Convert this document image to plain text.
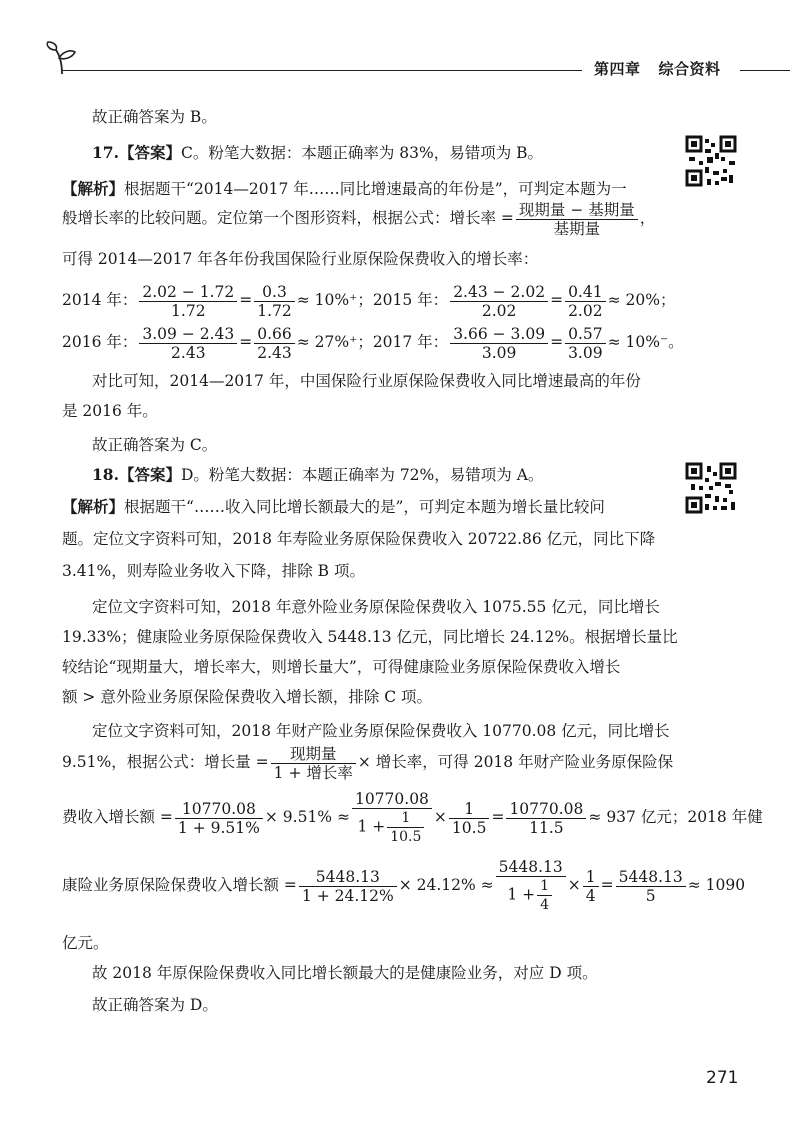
第四章 综合资料
故正确答案为 B。
17.【答案】C。粉笔大数据：本题正确率为 83%，易错项为 B。
【解析】根据题干“2014—2017 年……同比增速最高的年份是”，可判定本题为一
般增长率的比较问题。定位第一个图形资料，根据公式：增长率 = $\frac{\text{现期量 − 基期量}}{\text{基期量}}$ ，
可得 2014—2017 年各年份我国保险行业原保险保费收入的增长率：
2014 年： $\frac{2.02 - 1.72}{1.72} = \frac{0.3}{1.72} \approx 10\%^+$；2015 年： $\frac{2.43 - 2.02}{2.02} = \frac{0.41}{2.02} \approx 20\%$；
2016 年： $\frac{3.09 - 2.43}{2.43} = \frac{0.66}{2.43} \approx 27\%^+$；2017 年： $\frac{3.66 - 3.09}{3.09} = \frac{0.57}{3.09} \approx 10\%^-$。
对比可知，2014—2017 年，中国保险行业原保险保费收入同比增速最高的年份
是 2016 年。
故正确答案为 C。
18.【答案】D。粉笔大数据：本题正确率为 72%，易错项为 A。
【解析】根据题干“……收入同比增长额最大的是”，可判定本题为增长量比较问
题。定位文字资料可知，2018 年寿险业务原保险保费收入 20722.86 亿元，同比下降
3.41%，则寿险业务收入下降，排除 B 项。
定位文字资料可知，2018 年意外险业务原保险保费收入 1075.55 亿元，同比增长
19.33%；健康险业务原保险保费收入 5448.13 亿元，同比增长 24.12%。根据增长量比
较结论“现期量大，增长率大，则增长量大”，可得健康险业务原保险保费收入增长
额 > 意外险业务原保险保费收入增长额，排除 C 项。
定位文字资料可知，2018 年财产险业务原保险保费收入 10770.08 亿元，同比增长
9.51%，根据公式：增长量 = $\frac{\text{现期量}}{\text{1 + 增长率}}$ × 增长率，可得 2018 年财产险业务原保险保
费收入增长额 = $\frac{10770.08}{1 + 9.51\%} \times 9.51\% \approx \frac{10770.08}{1 + \frac{1}{10.5}} \times \frac{1}{10.5} = \frac{10770.08}{11.5} \approx 937$ 亿元；2018 年健
康险业务原保险保费收入增长额 = $\frac{5448.13}{1 + 24.12\%} \times 24.12\% \approx \frac{5448.13}{1 + \frac{1}{4}} \times \frac{1}{4} = \frac{5448.13}{5} \approx 1090$
亿元。
故 2018 年原保险保费收入同比增长额最大的是健康险业务，对应 D 项。
故正确答案为 D。
271
